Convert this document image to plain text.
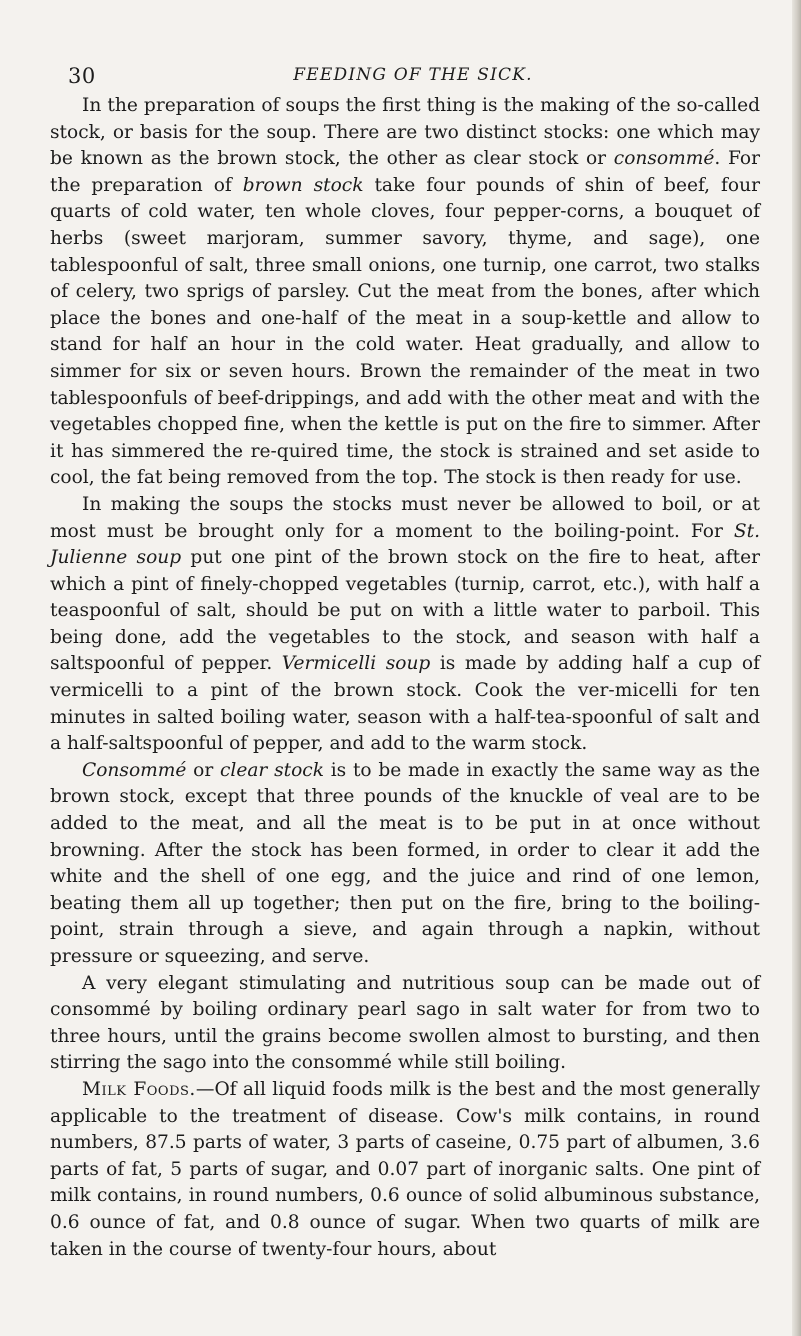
30	FEEDING OF THE SICK.

In the preparation of soups the first thing is the making of the so-called stock, or basis for the soup. There are two distinct stocks: one which may be known as the brown stock, the other as clear stock or consommé. For the preparation of brown stock take four pounds of shin of beef, four quarts of cold water, ten whole cloves, four pepper-corns, a bouquet of herbs (sweet marjoram, summer savory, thyme, and sage), one tablespoonful of salt, three small onions, one turnip, one carrot, two stalks of celery, two sprigs of parsley. Cut the meat from the bones, after which place the bones and one-half of the meat in a soup-kettle and allow to stand for half an hour in the cold water. Heat gradually, and allow to simmer for six or seven hours. Brown the remainder of the meat in two tablespoonfuls of beef-drippings, and add with the other meat and with the vegetables chopped fine, when the kettle is put on the fire to simmer. After it has simmered the re-quired time, the stock is strained and set aside to cool, the fat being removed from the top. The stock is then ready for use.

In making the soups the stocks must never be allowed to boil, or at most must be brought only for a moment to the boiling-point. For St. Julienne soup put one pint of the brown stock on the fire to heat, after which a pint of finely-chopped vegetables (turnip, carrot, etc.), with half a teaspoonful of salt, should be put on with a little water to parboil. This being done, add the vegetables to the stock, and season with half a saltspoonful of pepper. Vermicelli soup is made by adding half a cup of vermicelli to a pint of the brown stock. Cook the ver-micelli for ten minutes in salted boiling water, season with a half-tea-spoonful of salt and a half-saltspoonful of pepper, and add to the warm stock.

Consommé or clear stock is to be made in exactly the same way as the brown stock, except that three pounds of the knuckle of veal are to be added to the meat, and all the meat is to be put in at once without browning. After the stock has been formed, in order to clear it add the white and the shell of one egg, and the juice and rind of one lemon, beating them all up together; then put on the fire, bring to the boiling-point, strain through a sieve, and again through a napkin, without pressure or squeezing, and serve.

A very elegant stimulating and nutritious soup can be made out of consommé by boiling ordinary pearl sago in salt water for from two to three hours, until the grains become swollen almost to bursting, and then stirring the sago into the consommé while still boiling.

Milk Foods.—Of all liquid foods milk is the best and the most generally applicable to the treatment of disease. Cow's milk contains, in round numbers, 87.5 parts of water, 3 parts of caseine, 0.75 part of albumen, 3.6 parts of fat, 5 parts of sugar, and 0.07 part of inorganic salts. One pint of milk contains, in round numbers, 0.6 ounce of solid albuminous substance, 0.6 ounce of fat, and 0.8 ounce of sugar. When two quarts of milk are taken in the course of twenty-four hours, about
